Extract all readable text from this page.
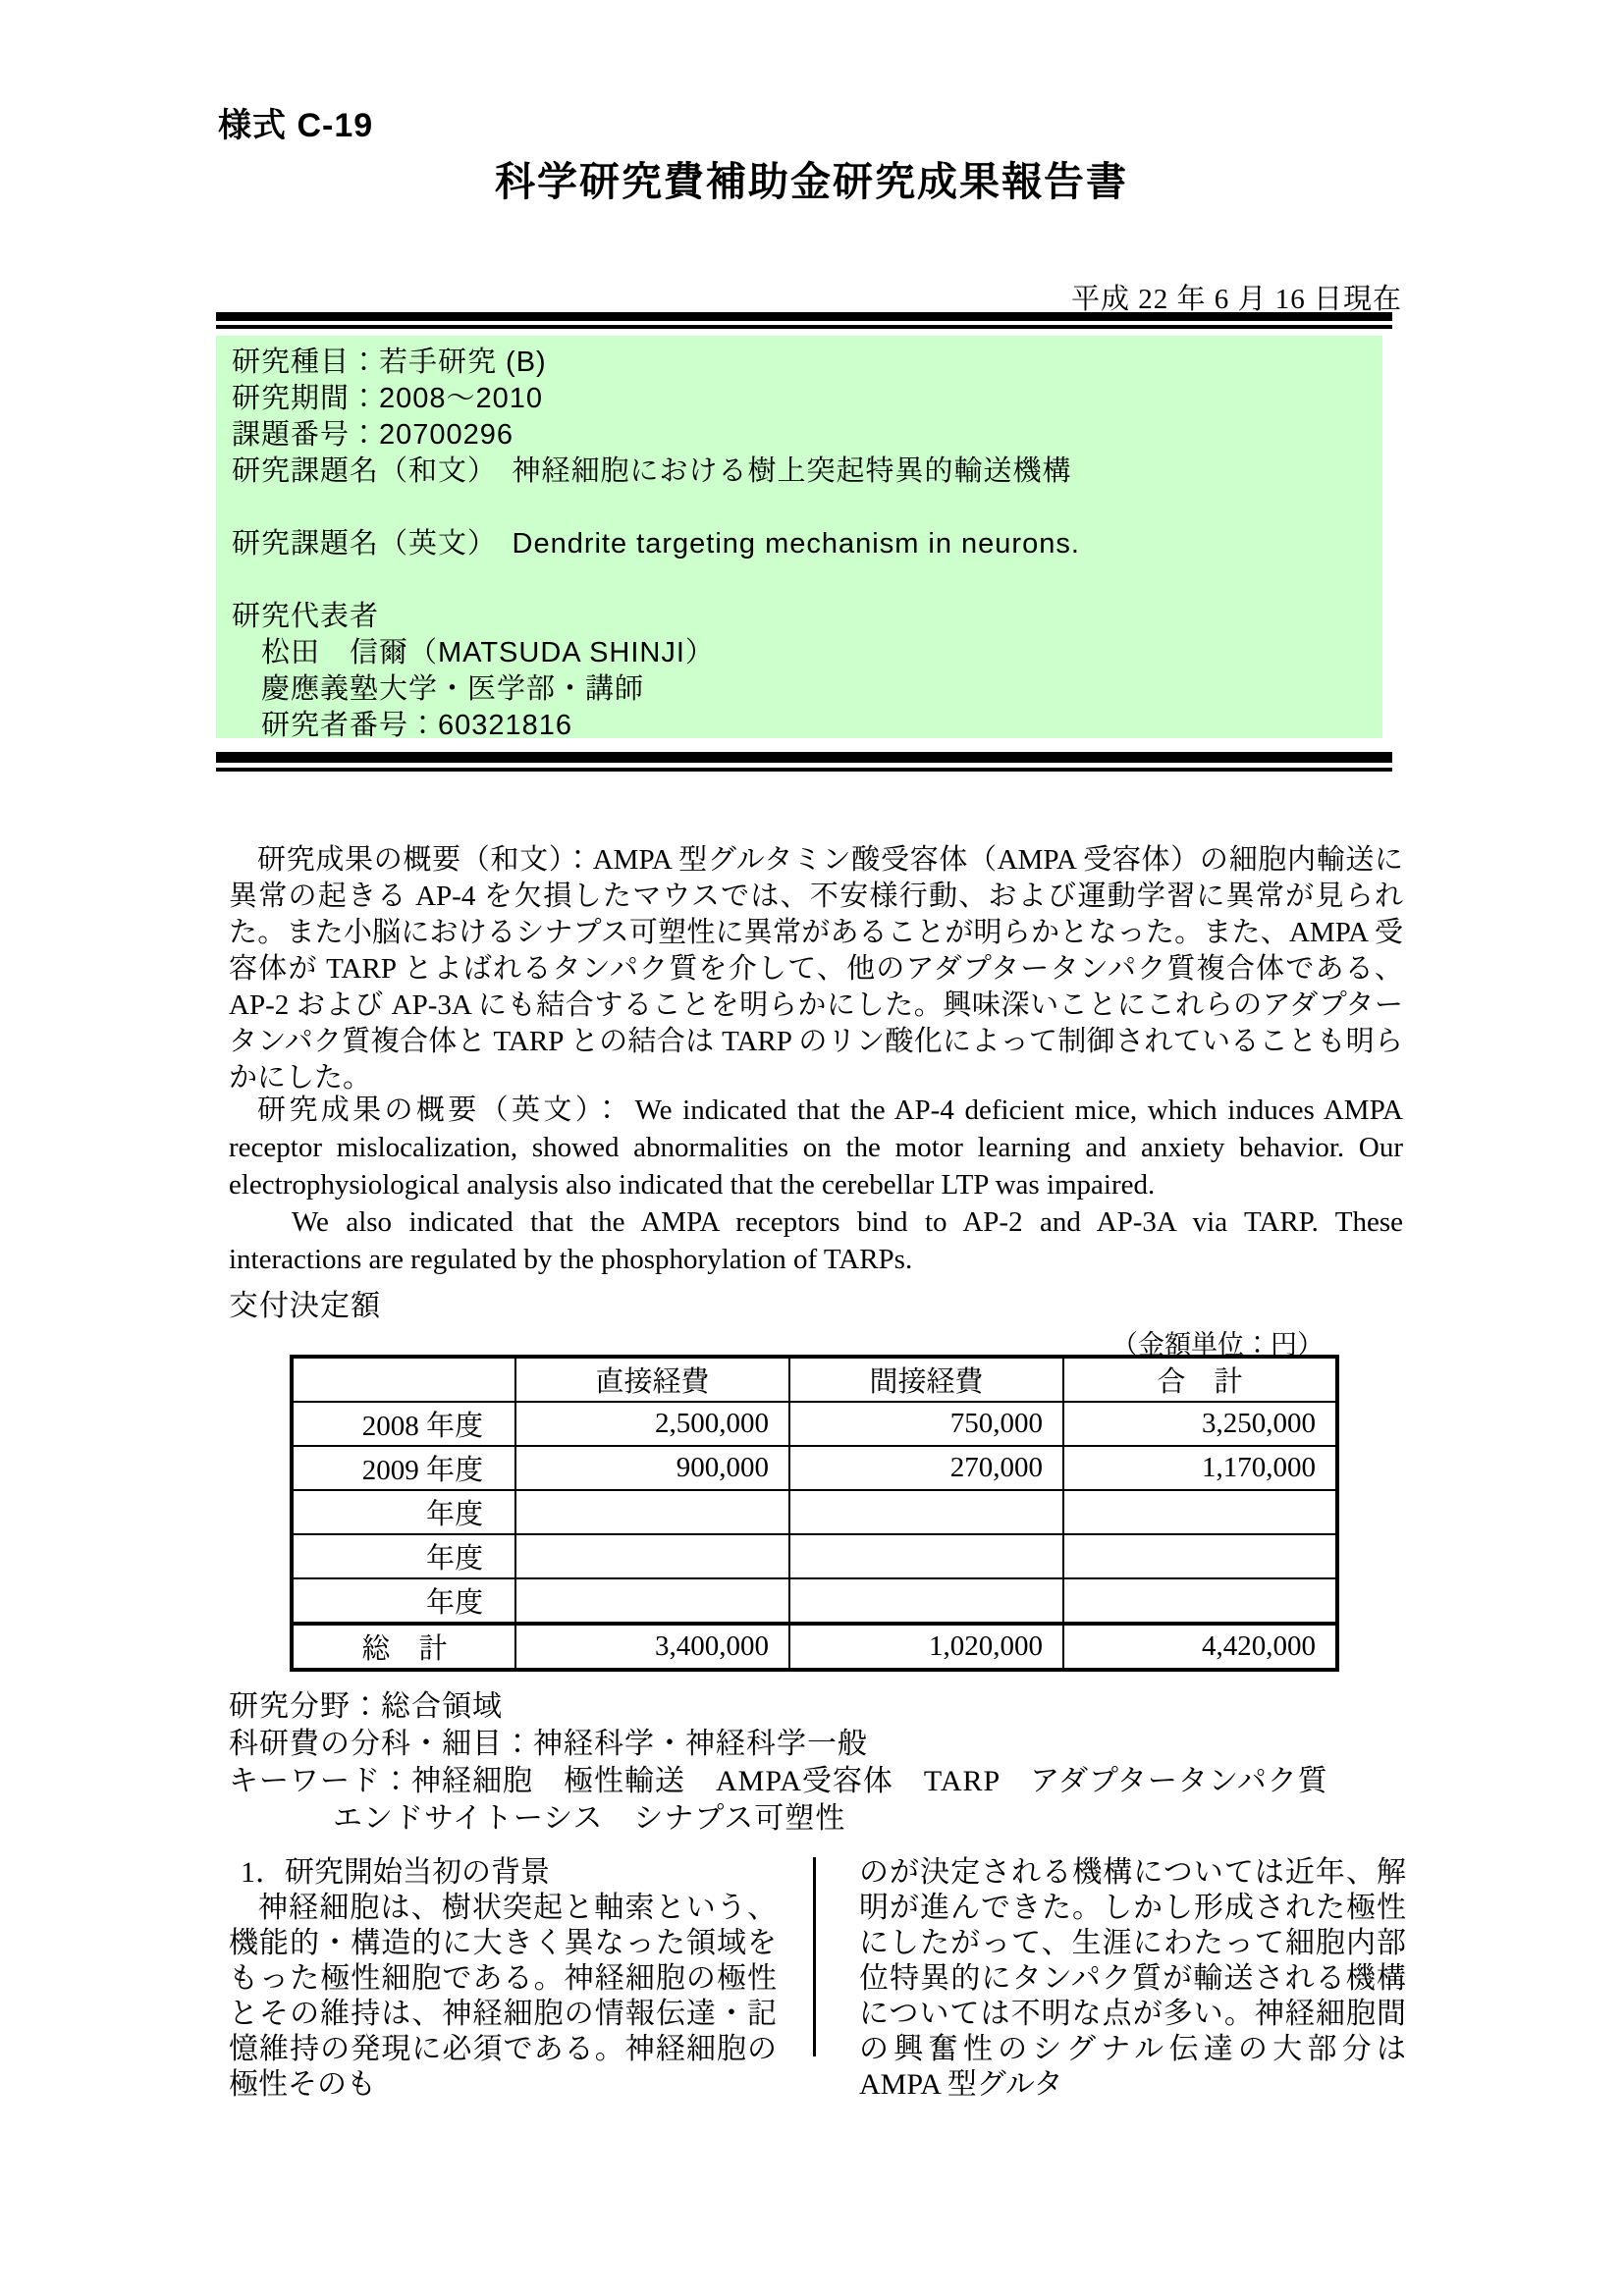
様式 C-19
科学研究費補助金研究成果報告書
平成 22 年 6 月 16 日現在
研究種目：若手研究 (B)
研究期間：2008～2010
課題番号：20700296
研究課題名（和文）　神経細胞における樹上突起特異的輸送機構
研究課題名（英文）　Dendrite targeting mechanism in neurons.
研究代表者
　松田　信爾（MATSUDA SHINJI）
　慶應義塾大学・医学部・講師
　研究者番号：60321816
研究成果の概要（和文）：AMPA 型グルタミン酸受容体（AMPA 受容体）の細胞内輸送に異常の起きる AP-4 を欠損したマウスでは、不安様行動、および運動学習に異常が見られた。また小脳におけるシナプス可塑性に異常があることが明らかとなった。また、AMPA 受容体が TARP とよばれるタンパク質を介して、他のアダプタータンパク質複合体である、AP-2 および AP-3A にも結合することを明らかにした。興味深いことにこれらのアダプタータンパク質複合体と TARP との結合は TARP のリン酸化によって制御されていることも明らかにした。

研究成果の概要（英文）： We indicated that the AP-4 deficient mice, which induces AMPA receptor mislocalization, showed abnormalities on the motor learning and anxiety behavior. Our electrophysiological analysis also indicated that the cerebellar LTP was impaired.

We also indicated that the AMPA receptors bind to AP-2 and AP-3A via TARP. These interactions are regulated by the phosphorylation of TARPs.

交付決定額
（金額単位：円）
	直接経費	間接経費	合　計
2008 年度	2,500,000	750,000	3,250,000
2009 年度	900,000	270,000	1,170,000
年度			
年度			
年度			
総　計	3,400,000	1,020,000	4,420,000
研究分野：総合領域
科研費の分科・細目：神経科学・神経科学一般
キーワード：神経細胞　極性輸送　AMPA受容体　TARP　アダプタータンパク質
エンドサイトーシス　シナプス可塑性
1．研究開始当初の背景

神経細胞は、樹状突起と軸索という、機能的・構造的に大きく異なった領域をもった極性細胞である。神経細胞の極性とその維持は、神経細胞の情報伝達・記憶維持の発現に必須である。神経細胞の極性そのも

のが決定される機構については近年、解明が進んできた。しかし形成された極性にしたがって、生涯にわたって細胞内部位特異的にタンパク質が輸送される機構については不明な点が多い。神経細胞間の興奮性のシグナル伝達の大部分は AMPA 型グルタ
